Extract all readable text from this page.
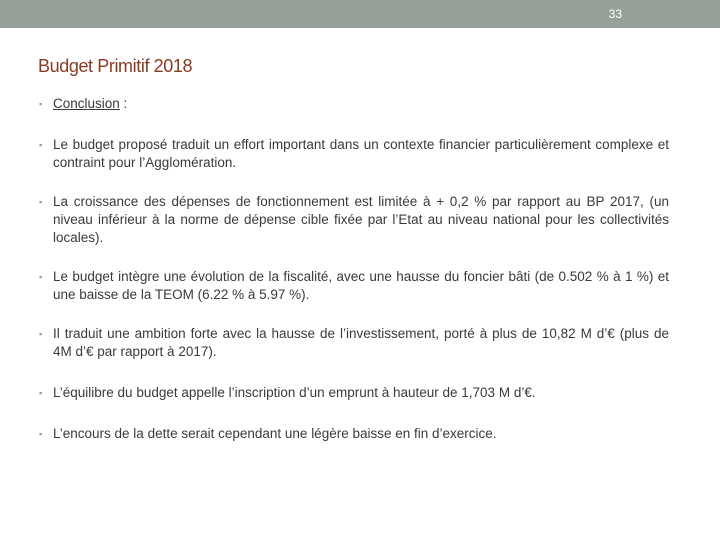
33
Budget Primitif 2018
▪ Conclusion :
▪ Le budget proposé traduit un effort important dans un contexte financier particulièrement complexe et contraint pour l’Agglomération.
▪ La croissance des dépenses de fonctionnement est limitée à + 0,2 % par rapport au BP 2017, (un niveau inférieur à la norme de dépense cible fixée par l’Etat au niveau national pour les collectivités locales).
▪ Le budget intègre une évolution de la fiscalité, avec une hausse du foncier bâti (de 0.502 % à 1 %) et une baisse de la TEOM (6.22 % à 5.97 %).
▪ Il traduit une ambition forte avec la hausse de l’investissement, porté à plus de 10,82 M d’€ (plus de 4M d’€ par rapport à 2017).
▪ L’équilibre du budget appelle l’inscription d’un emprunt à hauteur de 1,703 M d’€.
▪ L’encours de la dette serait cependant une légère baisse en fin d’exercice.
